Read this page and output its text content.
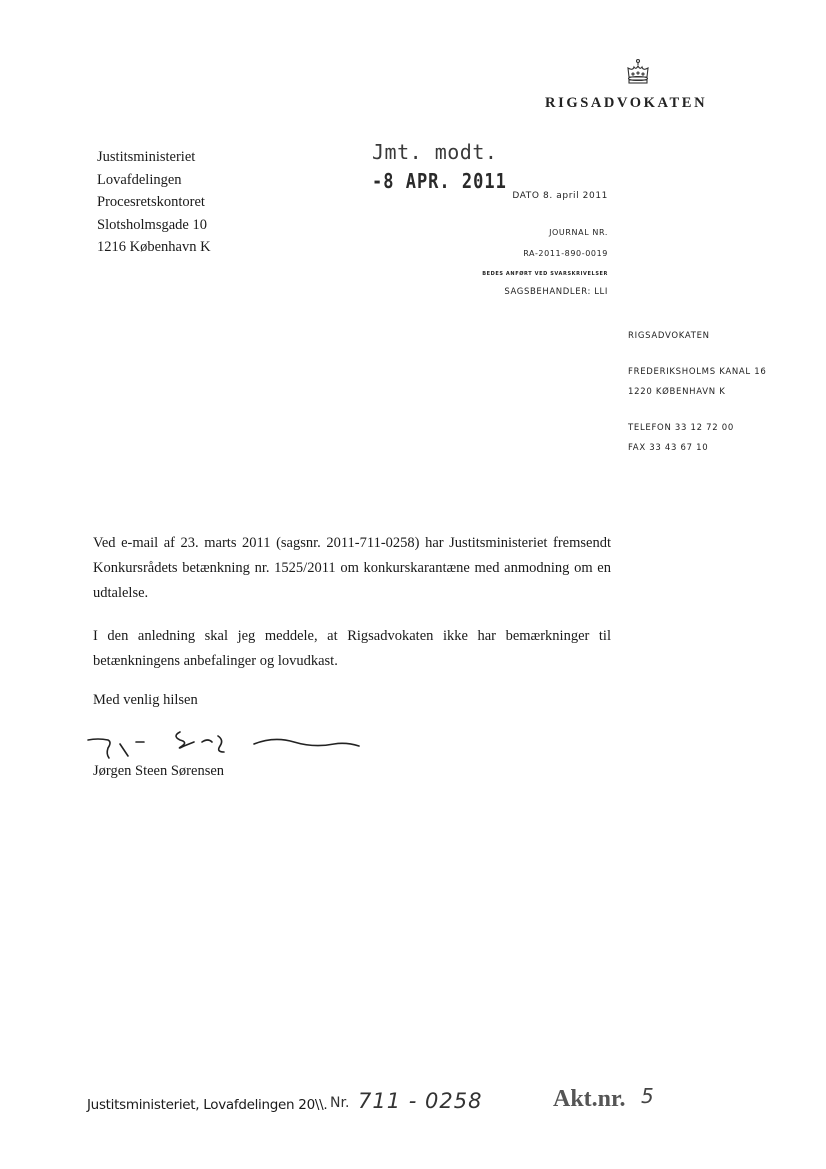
RIGSADVOKATEN
Justitsministeriet
Lovafdelingen
Procesretskontoret
Slotsholmsgade 10
1216 København K
Jmt. modt.
-8 APR. 2011
DATO 8. april 2011
JOURNAL NR.
RA-2011-890-0019
BEDES ANFØRT VED SVARSKRIVELSER
SAGSBEHANDLER: LLI
RIGSADVOKATEN
FREDERIKSHOLMS KANAL 16
1220 KØBENHAVN K
TELEFON 33 12 72 00
FAX 33 43 67 10
Ved e-mail af 23. marts 2011 (sagsnr. 2011-711-0258) har Justitsministeriet fremsendt Konkursrådets betænkning nr. 1525/2011 om konkurskarantæne med anmodning om en udtalelse.
I den anledning skal jeg meddele, at Rigsadvokaten ikke har bemærkninger til betænkningens anbefalinger og lovudkast.
Med venlig hilsen
Jørgen Steen Sørensen
Justitsministeriet, Lovafdelingen 20\\. Nr. 711 - 0258	Akt.nr. 5
